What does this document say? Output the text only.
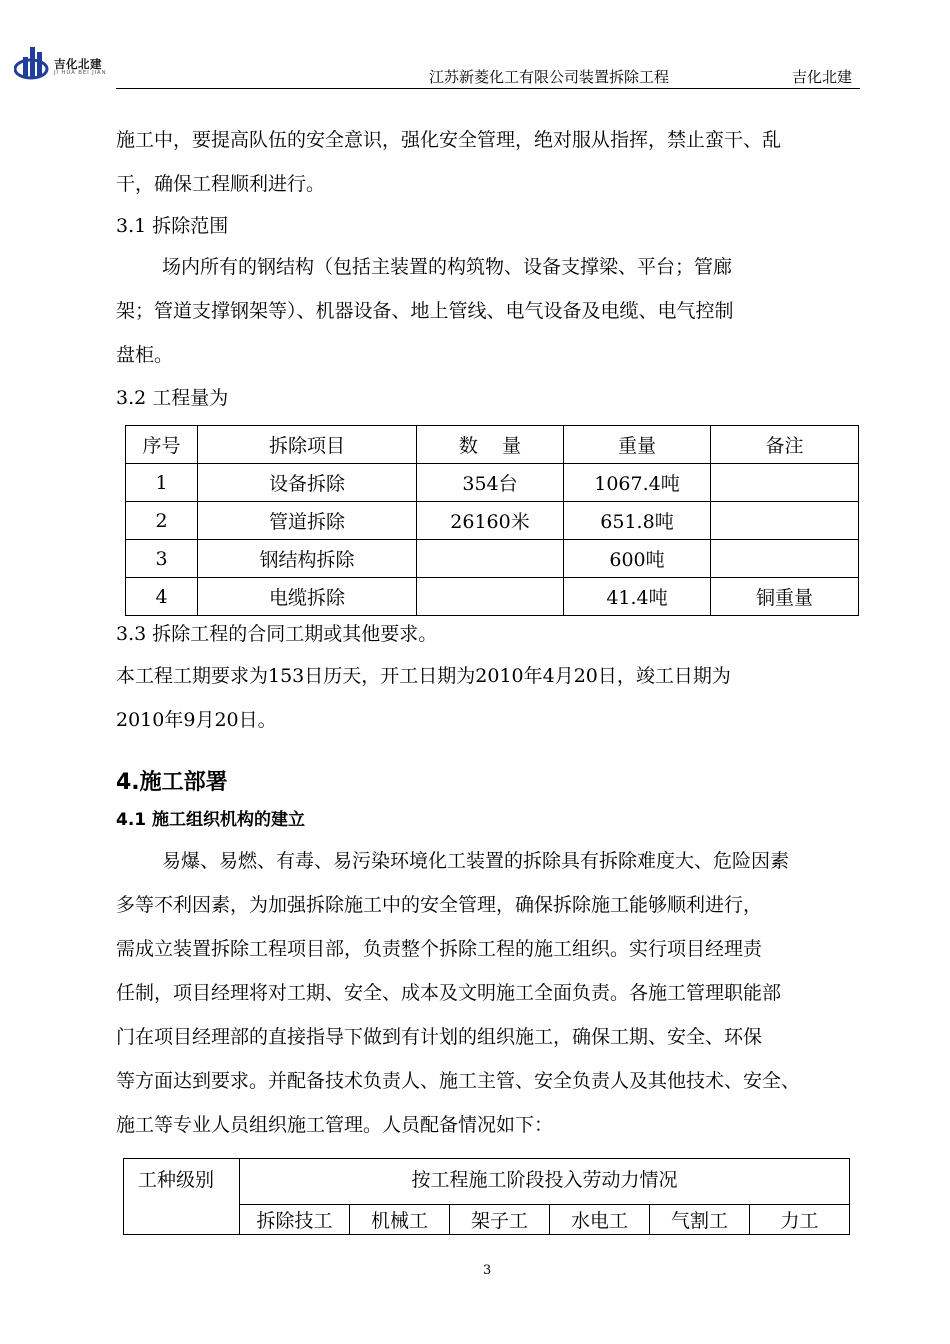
吉化北建
JI HUA BEI JIAN	江苏新菱化工有限公司装置拆除工程	吉化北建
施工中，要提高队伍的安全意识，强化安全管理，绝对服从指挥，禁止蛮干、乱
干，确保工程顺利进行。
3.1 拆除范围
场内所有的钢结构（包括主装置的构筑物、设备支撑梁、平台；管廊
架；管道支撑钢架等）、机器设备、地上管线、电气设备及电缆、电气控制
盘柜。
3.2 工程量为
序号	拆除项目	数    量	重量	备注
1	设备拆除	354台	1067.4吨	
2	管道拆除	26160米	651.8吨	
3	钢结构拆除		600吨	
4	电缆拆除		41.4吨	铜重量
3.3 拆除工程的合同工期或其他要求。
本工程工期要求为153日历天，开工日期为2010年4月20日，竣工日期为
2010年9月20日。
4.施工部署
4.1 施工组织机构的建立
易爆、易燃、有毒、易污染环境化工装置的拆除具有拆除难度大、危险因素
多等不利因素，为加强拆除施工中的安全管理，确保拆除施工能够顺利进行，
需成立装置拆除工程项目部，负责整个拆除工程的施工组织。实行项目经理责
任制，项目经理将对工期、安全、成本及文明施工全面负责。各施工管理职能部
门在项目经理部的直接指导下做到有计划的组织施工，确保工期、安全、环保
等方面达到要求。并配备技术负责人、施工主管、安全负责人及其他技术、安全、
施工等专业人员组织施工管理。人员配备情况如下：
工种级别	按工程施工阶段投入劳动力情况					
	拆除技工	机械工	架子工	水电工	气割工	力工
3
